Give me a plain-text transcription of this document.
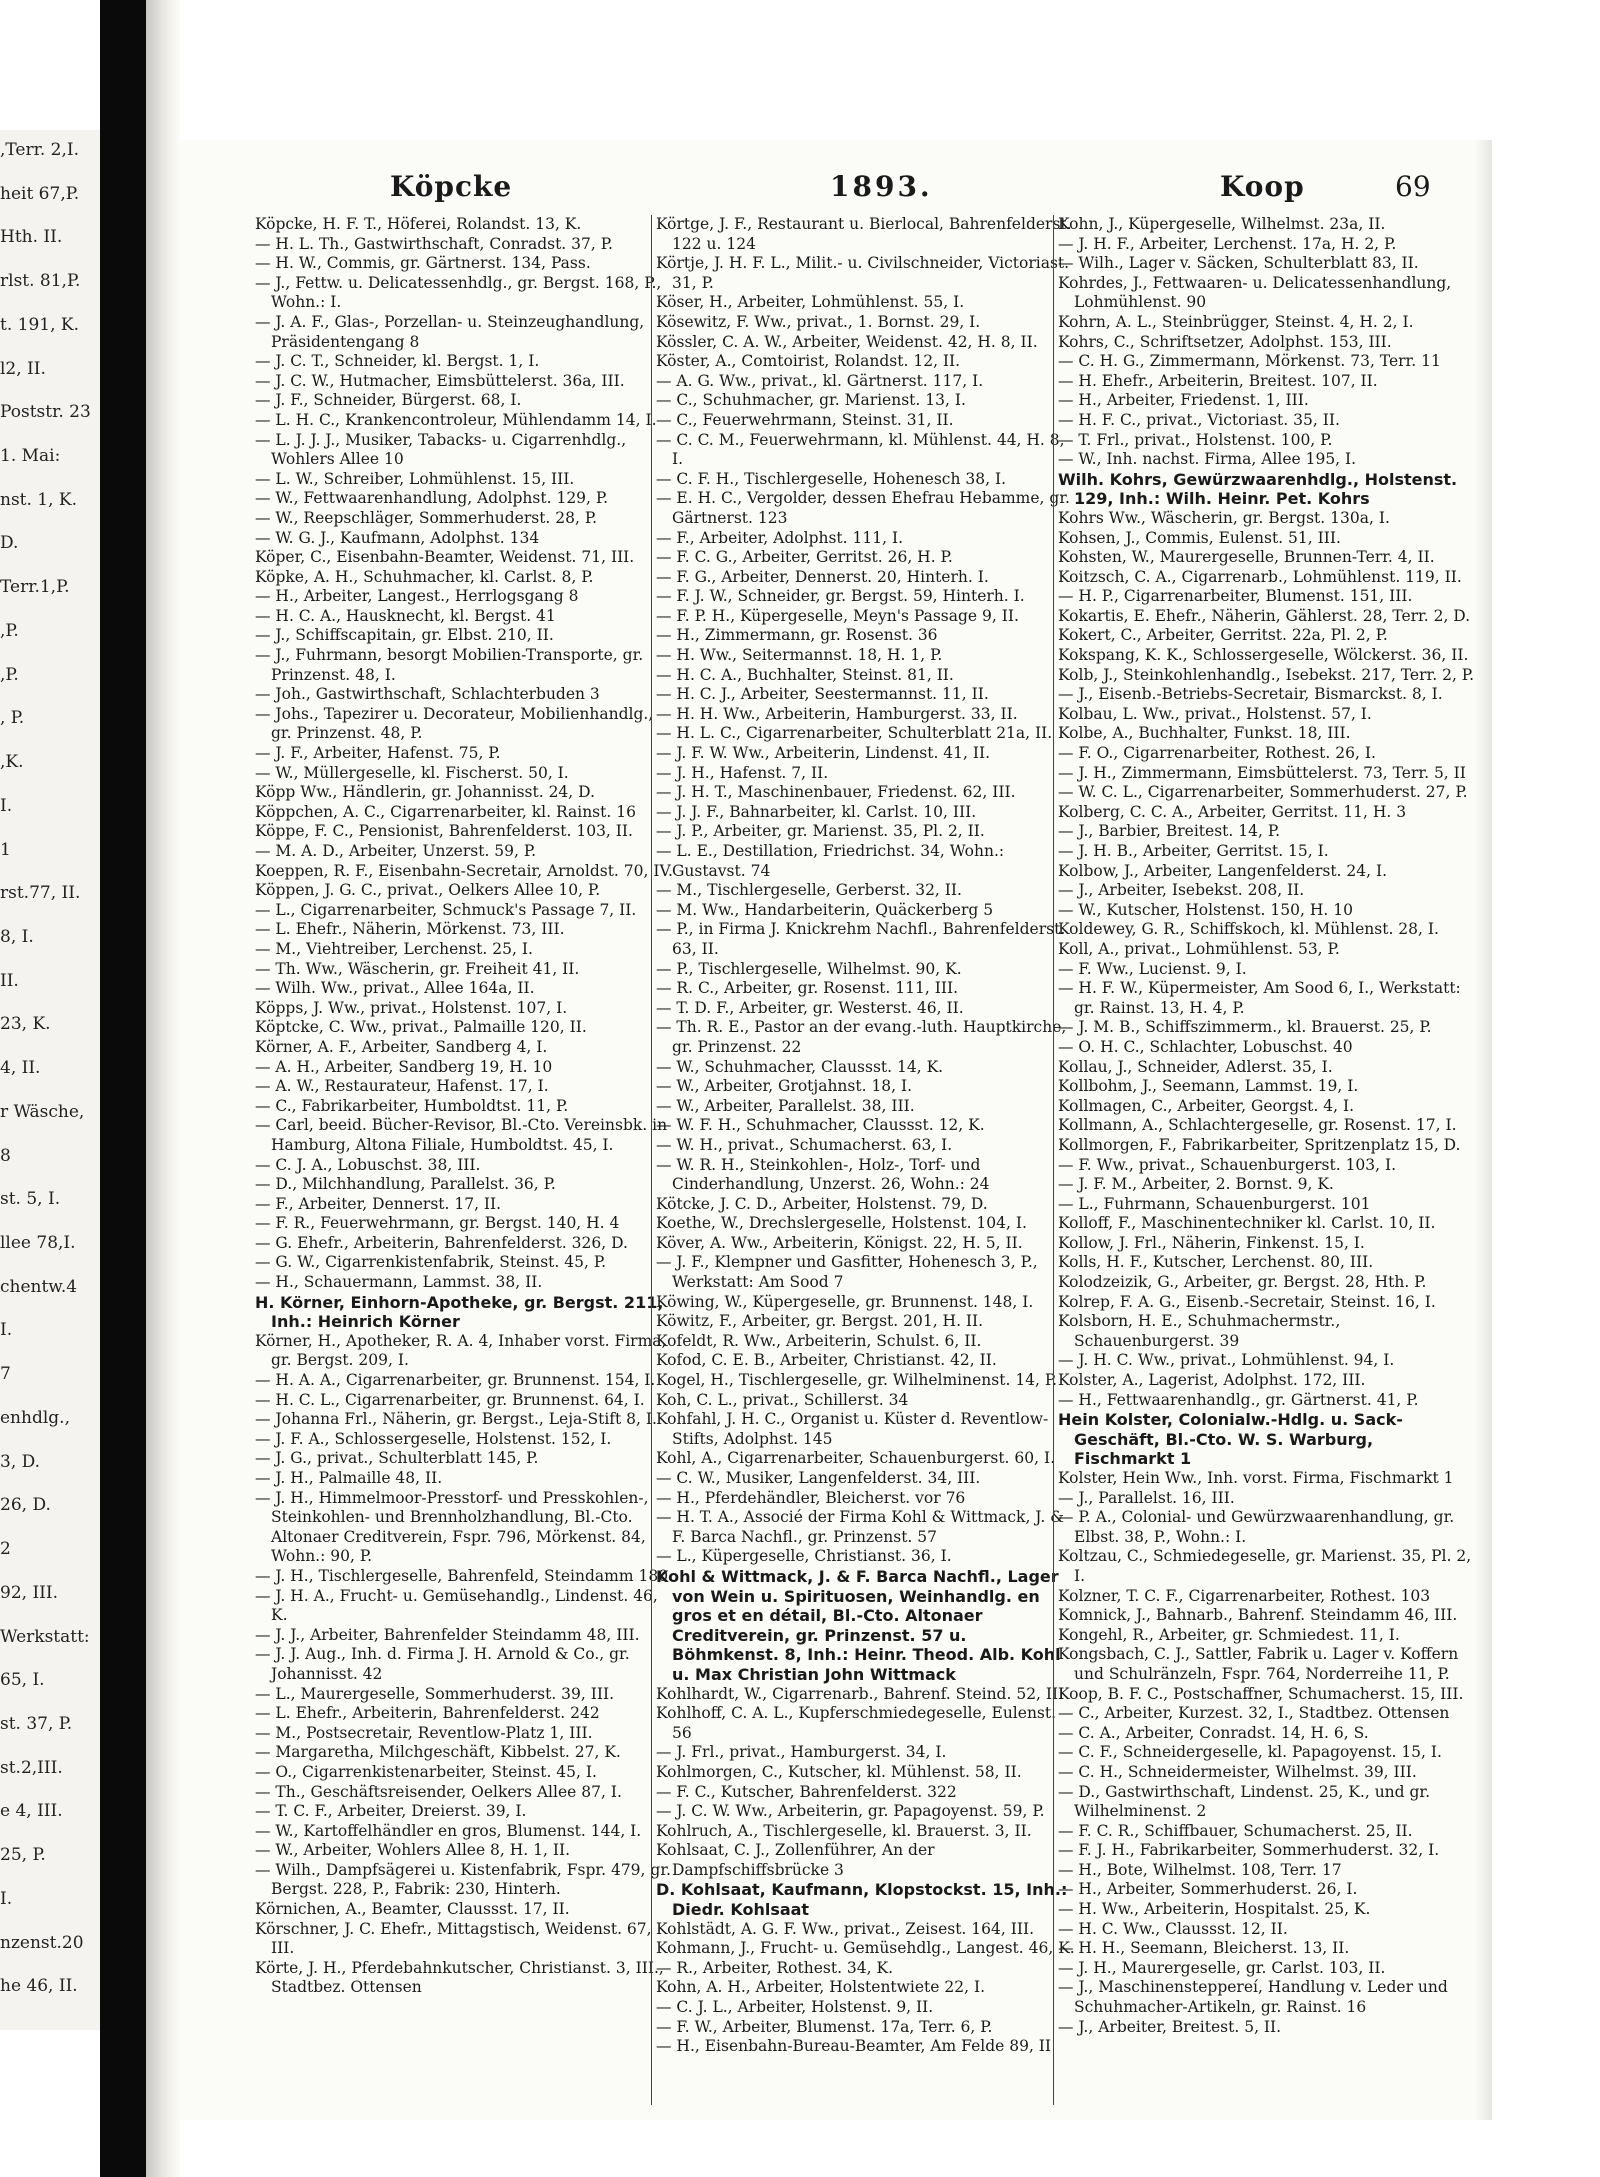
,Terr. 2,I.
heit 67,P.
Hth. II.
rlst. 81,P.
t. 191, K.
l2, II.
Poststr. 23
1. Mai:
nst. 1, K.
D.
Terr.1,P.
,P.
,P.
, P.
,K.
I.
1
rst.77, II.
8, I.
II.
23, K.
4, II.
r Wäsche,
8
st. 5, I.
llee 78,I.
chentw.4
I.
7
enhdlg.,
3, D.
26, D.
2
92, III.
Werkstatt:
65, I.
st. 37, P.
st.2,III.
e 4, III.
25, P.
I.
nzenst.20
he 46, II.
Köpcke	1893.	Koop	69
Köpcke, H. F. T., Höferei, Rolandst. 13, K.
— H. L. Th., Gastwirthschaft, Conradst. 37, P.
— H. W., Commis, gr. Gärtnerst. 134, Pass.
— J., Fettw. u. Delicatessenhdlg., gr. Bergst. 168, P., Wohn.: I.
— J. A. F., Glas-, Porzellan- u. Steinzeughandlung, Präsidentengang 8
— J. C. T., Schneider, kl. Bergst. 1, I.
— J. C. W., Hutmacher, Eimsbüttelerst. 36a, III.
— J. F., Schneider, Bürgerst. 68, I.
— L. H. C., Krankencontroleur, Mühlendamm 14, I.
— L. J. J. J., Musiker, Tabacks- u. Cigarrenhdlg., Wohlers Allee 10
— L. W., Schreiber, Lohmühlenst. 15, III.
— W., Fettwaarenhandlung, Adolphst. 129, P.
— W., Reepschläger, Sommerhuderst. 28, P.
— W. G. J., Kaufmann, Adolphst. 134
Köper, C., Eisenbahn-Beamter, Weidenst. 71, III.
Köpke, A. H., Schuhmacher, kl. Carlst. 8, P.
— H., Arbeiter, Langest., Herrlogsgang 8
— H. C. A., Hausknecht, kl. Bergst. 41
— J., Schiffscapitain, gr. Elbst. 210, II.
— J., Fuhrmann, besorgt Mobilien-Transporte, gr. Prinzenst. 48, I.
— Joh., Gastwirthschaft, Schlachterbuden 3
— Johs., Tapezirer u. Decorateur, Mobilienhandlg., gr. Prinzenst. 48, P.
— J. F., Arbeiter, Hafenst. 75, P.
— W., Müllergeselle, kl. Fischerst. 50, I.
Köpp Ww., Händlerin, gr. Johannisst. 24, D.
Köppchen, A. C., Cigarrenarbeiter, kl. Rainst. 16
Köppe, F. C., Pensionist, Bahrenfelderst. 103, II.
— M. A. D., Arbeiter, Unzerst. 59, P.
Koeppen, R. F., Eisenbahn-Secretair, Arnoldst. 70, IV.
Köppen, J. G. C., privat., Oelkers Allee 10, P.
— L., Cigarrenarbeiter, Schmuck's Passage 7, II.
— L. Ehefr., Näherin, Mörkenst. 73, III.
— M., Viehtreiber, Lerchenst. 25, I.
— Th. Ww., Wäscherin, gr. Freiheit 41, II.
— Wilh. Ww., privat., Allee 164a, II.
Köpps, J. Ww., privat., Holstenst. 107, I.
Köptcke, C. Ww., privat., Palmaille 120, II.
Körner, A. F., Arbeiter, Sandberg 4, I.
— A. H., Arbeiter, Sandberg 19, H. 10
— A. W., Restaurateur, Hafenst. 17, I.
— C., Fabrikarbeiter, Humboldtst. 11, P.
— Carl, beeid. Bücher-Revisor, Bl.-Cto. Vereinsbk. in Hamburg, Altona Filiale, Humboldtst. 45, I.
— C. J. A., Lobuschst. 38, III.
— D., Milchhandlung, Parallelst. 36, P.
— F., Arbeiter, Dennerst. 17, II.
— F. R., Feuerwehrmann, gr. Bergst. 140, H. 4
— G. Ehefr., Arbeiterin, Bahrenfelderst. 326, D.
— G. W., Cigarrenkistenfabrik, Steinst. 45, P.
— H., Schauermann, Lammst. 38, II.
H. Körner, Einhorn-Apotheke, gr. Bergst. 211, Inh.: Heinrich Körner
Körner, H., Apotheker, R. A. 4, Inhaber vorst. Firma, gr. Bergst. 209, I.
— H. A. A., Cigarrenarbeiter, gr. Brunnenst. 154, I.
— H. C. L., Cigarrenarbeiter, gr. Brunnenst. 64, I.
— Johanna Frl., Näherin, gr. Bergst., Leja-Stift 8, I.
— J. F. A., Schlossergeselle, Holstenst. 152, I.
— J. G., privat., Schulterblatt 145, P.
— J. H., Palmaille 48, II.
— J. H., Himmelmoor-Presstorf- und Presskohlen-, Steinkohlen- und Brennholzhandlung, Bl.-Cto. Altonaer Creditverein, Fspr. 796, Mörkenst. 84, Wohn.: 90, P.
— J. H., Tischlergeselle, Bahrenfeld, Steindamm 180
— J. H. A., Frucht- u. Gemüsehandlg., Lindenst. 46, K.
— J. J., Arbeiter, Bahrenfelder Steindamm 48, III.
— J. J. Aug., Inh. d. Firma J. H. Arnold & Co., gr. Johannisst. 42
— L., Maurergeselle, Sommerhuderst. 39, III.
— L. Ehefr., Arbeiterin, Bahrenfelderst. 242
— M., Postsecretair, Reventlow-Platz 1, III.
— Margaretha, Milchgeschäft, Kibbelst. 27, K.
— O., Cigarrenkistenarbeiter, Steinst. 45, I.
— Th., Geschäftsreisender, Oelkers Allee 87, I.
— T. C. F., Arbeiter, Dreierst. 39, I.
— W., Kartoffelhändler en gros, Blumenst. 144, I.
— W., Arbeiter, Wohlers Allee 8, H. 1, II.
— Wilh., Dampfsägerei u. Kistenfabrik, Fspr. 479, gr. Bergst. 228, P., Fabrik: 230, Hinterh.
Körnichen, A., Beamter, Claussst. 17, II.
Körschner, J. C. Ehefr., Mittagstisch, Weidenst. 67, III.
Körte, J. H., Pferdebahnkutscher, Christianst. 3, III., Stadtbez. Ottensen
Körtge, J. F., Restaurant u. Bierlocal, Bahrenfelderst. 122 u. 124
Körtje, J. H. F. L., Milit.- u. Civilschneider, Victoriast. 31, P.
Köser, H., Arbeiter, Lohmühlenst. 55, I.
Kösewitz, F. Ww., privat., 1. Bornst. 29, I.
Kössler, C. A. W., Arbeiter, Weidenst. 42, H. 8, II.
Köster, A., Comtoirist, Rolandst. 12, II.
— A. G. Ww., privat., kl. Gärtnerst. 117, I.
— C., Schuhmacher, gr. Marienst. 13, I.
— C., Feuerwehrmann, Steinst. 31, II.
— C. C. M., Feuerwehrmann, kl. Mühlenst. 44, H. 8, I.
— C. F. H., Tischlergeselle, Hohenesch 38, I.
— E. H. C., Vergolder, dessen Ehefrau Hebamme, gr. Gärtnerst. 123
— F., Arbeiter, Adolphst. 111, I.
— F. C. G., Arbeiter, Gerritst. 26, H. P.
— F. G., Arbeiter, Dennerst. 20, Hinterh. I.
— F. J. W., Schneider, gr. Bergst. 59, Hinterh. I.
— F. P. H., Küpergeselle, Meyn's Passage 9, II.
— H., Zimmermann, gr. Rosenst. 36
— H. Ww., Seitermannst. 18, H. 1, P.
— H. C. A., Buchhalter, Steinst. 81, II.
— H. C. J., Arbeiter, Seestermannst. 11, II.
— H. H. Ww., Arbeiterin, Hamburgerst. 33, II.
— H. L. C., Cigarrenarbeiter, Schulterblatt 21a, II.
— J. F. W. Ww., Arbeiterin, Lindenst. 41, II.
— J. H., Hafenst. 7, II.
— J. H. T., Maschinenbauer, Friedenst. 62, III.
— J. J. F., Bahnarbeiter, kl. Carlst. 10, III.
— J. P., Arbeiter, gr. Marienst. 35, Pl. 2, II.
— L. E., Destillation, Friedrichst. 34, Wohn.: Gustavst. 74
— M., Tischlergeselle, Gerberst. 32, II.
— M. Ww., Handarbeiterin, Quäckerberg 5
— P., in Firma J. Knickrehm Nachfl., Bahrenfelderst. 63, II.
— P., Tischlergeselle, Wilhelmst. 90, K.
— R. C., Arbeiter, gr. Rosenst. 111, III.
— T. D. F., Arbeiter, gr. Westerst. 46, II.
— Th. R. E., Pastor an der evang.-luth. Hauptkirche, gr. Prinzenst. 22
— W., Schuhmacher, Claussst. 14, K.
— W., Arbeiter, Grotjahnst. 18, I.
— W., Arbeiter, Parallelst. 38, III.
— W. F. H., Schuhmacher, Claussst. 12, K.
— W. H., privat., Schumacherst. 63, I.
— W. R. H., Steinkohlen-, Holz-, Torf- und Cinderhandlung, Unzerst. 26, Wohn.: 24
Kötcke, J. C. D., Arbeiter, Holstenst. 79, D.
Koethe, W., Drechslergeselle, Holstenst. 104, I.
Köver, A. Ww., Arbeiterin, Königst. 22, H. 5, II.
— J. F., Klempner und Gasfitter, Hohenesch 3, P., Werkstatt: Am Sood 7
Köwing, W., Küpergeselle, gr. Brunnenst. 148, I.
Köwitz, F., Arbeiter, gr. Bergst. 201, H. II.
Kofeldt, R. Ww., Arbeiterin, Schulst. 6, II.
Kofod, C. E. B., Arbeiter, Christianst. 42, II.
Kogel, H., Tischlergeselle, gr. Wilhelminenst. 14, P.
Koh, C. L., privat., Schillerst. 34
Kohfahl, J. H. C., Organist u. Küster d. Reventlow-Stifts, Adolphst. 145
Kohl, A., Cigarrenarbeiter, Schauenburgerst. 60, I.
— C. W., Musiker, Langenfelderst. 34, III.
— H., Pferdehändler, Bleicherst. vor 76
— H. T. A., Associé der Firma Kohl & Wittmack, J. & F. Barca Nachfl., gr. Prinzenst. 57
— L., Küpergeselle, Christianst. 36, I.
Kohl & Wittmack, J. & F. Barca Nachfl., Lager von Wein u. Spirituosen, Weinhandlg. en gros et en détail, Bl.-Cto. Altonaer Creditverein, gr. Prinzenst. 57 u. Böhmkenst. 8, Inh.: Heinr. Theod. Alb. Kohl u. Max Christian John Wittmack
Kohlhardt, W., Cigarrenarb., Bahrenf. Steind. 52, III
Kohlhoff, C. A. L., Kupferschmiedegeselle, Eulenst. 56
— J. Frl., privat., Hamburgerst. 34, I.
Kohlmorgen, C., Kutscher, kl. Mühlenst. 58, II.
— F. C., Kutscher, Bahrenfelderst. 322
— J. C. W. Ww., Arbeiterin, gr. Papagoyenst. 59, P.
Kohlruch, A., Tischlergeselle, kl. Brauerst. 3, II.
Kohlsaat, C. J., Zollenführer, An der Dampfschiffsbrücke 3
D. Kohlsaat, Kaufmann, Klopstockst. 15, Inh.: Diedr. Kohlsaat
Kohlstädt, A. G. F. Ww., privat., Zeisest. 164, III.
Kohmann, J., Frucht- u. Gemüsehdlg., Langest. 46, K.
— R., Arbeiter, Rothest. 34, K.
Kohn, A. H., Arbeiter, Holstentwiete 22, I.
— C. J. L., Arbeiter, Holstenst. 9, II.
— F. W., Arbeiter, Blumenst. 17a, Terr. 6, P.
— H., Eisenbahn-Bureau-Beamter, Am Felde 89, II
Kohn, J., Küpergeselle, Wilhelmst. 23a, II.
— J. H. F., Arbeiter, Lerchenst. 17a, H. 2, P.
— Wilh., Lager v. Säcken, Schulterblatt 83, II.
Kohrdes, J., Fettwaaren- u. Delicatessenhandlung, Lohmühlenst. 90
Kohrn, A. L., Steinbrügger, Steinst. 4, H. 2, I.
Kohrs, C., Schriftsetzer, Adolphst. 153, III.
— C. H. G., Zimmermann, Mörkenst. 73, Terr. 11
— H. Ehefr., Arbeiterin, Breitest. 107, II.
— H., Arbeiter, Friedenst. 1, III.
— H. F. C., privat., Victoriast. 35, II.
— T. Frl., privat., Holstenst. 100, P.
— W., Inh. nachst. Firma, Allee 195, I.
Wilh. Kohrs, Gewürzwaarenhdlg., Holstenst. 129, Inh.: Wilh. Heinr. Pet. Kohrs
Kohrs Ww., Wäscherin, gr. Bergst. 130a, I.
Kohsen, J., Commis, Eulenst. 51, III.
Kohsten, W., Maurergeselle, Brunnen-Terr. 4, II.
Koitzsch, C. A., Cigarrenarb., Lohmühlenst. 119, II.
— H. P., Cigarrenarbeiter, Blumenst. 151, III.
Kokartis, E. Ehefr., Näherin, Gählerst. 28, Terr. 2, D.
Kokert, C., Arbeiter, Gerritst. 22a, Pl. 2, P.
Kokspang, K. K., Schlossergeselle, Wölckerst. 36, II.
Kolb, J., Steinkohlenhandlg., Isebekst. 217, Terr. 2, P.
— J., Eisenb.-Betriebs-Secretair, Bismarckst. 8, I.
Kolbau, L. Ww., privat., Holstenst. 57, I.
Kolbe, A., Buchhalter, Funkst. 18, III.
— F. O., Cigarrenarbeiter, Rothest. 26, I.
— J. H., Zimmermann, Eimsbüttelerst. 73, Terr. 5, II
— W. C. L., Cigarrenarbeiter, Sommerhuderst. 27, P.
Kolberg, C. C. A., Arbeiter, Gerritst. 11, H. 3
— J., Barbier, Breitest. 14, P.
— J. H. B., Arbeiter, Gerritst. 15, I.
Kolbow, J., Arbeiter, Langenfelderst. 24, I.
— J., Arbeiter, Isebekst. 208, II.
— W., Kutscher, Holstenst. 150, H. 10
Koldewey, G. R., Schiffskoch, kl. Mühlenst. 28, I.
Koll, A., privat., Lohmühlenst. 53, P.
— F. Ww., Lucienst. 9, I.
— H. F. W., Küpermeister, Am Sood 6, I., Werkstatt: gr. Rainst. 13, H. 4, P.
— J. M. B., Schiffszimmerm., kl. Brauerst. 25, P.
— O. H. C., Schlachter, Lobuschst. 40
Kollau, J., Schneider, Adlerst. 35, I.
Kollbohm, J., Seemann, Lammst. 19, I.
Kollmagen, C., Arbeiter, Georgst. 4, I.
Kollmann, A., Schlachtergeselle, gr. Rosenst. 17, I.
Kollmorgen, F., Fabrikarbeiter, Spritzenplatz 15, D.
— F. Ww., privat., Schauenburgerst. 103, I.
— J. F. M., Arbeiter, 2. Bornst. 9, K.
— L., Fuhrmann, Schauenburgerst. 101
Kolloff, F., Maschinentechniker kl. Carlst. 10, II.
Kollow, J. Frl., Näherin, Finkenst. 15, I.
Kolls, H. F., Kutscher, Lerchenst. 80, III.
Kolodzeizik, G., Arbeiter, gr. Bergst. 28, Hth. P.
Kolrep, F. A. G., Eisenb.-Secretair, Steinst. 16, I.
Kolsborn, H. E., Schuhmachermstr., Schauenburgerst. 39
— J. H. C. Ww., privat., Lohmühlenst. 94, I.
Kolster, A., Lagerist, Adolphst. 172, III.
— H., Fettwaarenhandlg., gr. Gärtnerst. 41, P.
Hein Kolster, Colonialw.-Hdlg. u. Sack-Geschäft, Bl.-Cto. W. S. Warburg, Fischmarkt 1
Kolster, Hein Ww., Inh. vorst. Firma, Fischmarkt 1
— J., Parallelst. 16, III.
— P. A., Colonial- und Gewürzwaarenhandlung, gr. Elbst. 38, P., Wohn.: I.
Koltzau, C., Schmiedegeselle, gr. Marienst. 35, Pl. 2, I.
Kolzner, T. C. F., Cigarrenarbeiter, Rothest. 103
Komnick, J., Bahnarb., Bahrenf. Steindamm 46, III.
Kongehl, R., Arbeiter, gr. Schmiedest. 11, I.
Kongsbach, C. J., Sattler, Fabrik u. Lager v. Koffern und Schulränzeln, Fspr. 764, Norderreihe 11, P.
Koop, B. F. C., Postschaffner, Schumacherst. 15, III.
— C., Arbeiter, Kurzest. 32, I., Stadtbez. Ottensen
— C. A., Arbeiter, Conradst. 14, H. 6, S.
— C. F., Schneidergeselle, kl. Papagoyenst. 15, I.
— C. H., Schneidermeister, Wilhelmst. 39, III.
— D., Gastwirthschaft, Lindenst. 25, K., und gr. Wilhelminenst. 2
— F. C. R., Schiffbauer, Schumacherst. 25, II.
— F. J. H., Fabrikarbeiter, Sommerhuderst. 32, I.
— H., Bote, Wilhelmst. 108, Terr. 17
— H., Arbeiter, Sommerhuderst. 26, I.
— H. Ww., Arbeiterin, Hospitalst. 25, K.
— H. C. Ww., Claussst. 12, II.
— H. H., Seemann, Bleicherst. 13, II.
— J. H., Maurergeselle, gr. Carlst. 103, II.
— J., Maschinensteppereí, Handlung v. Leder und Schuhmacher-Artikeln, gr. Rainst. 16
— J., Arbeiter, Breitest. 5, II.
